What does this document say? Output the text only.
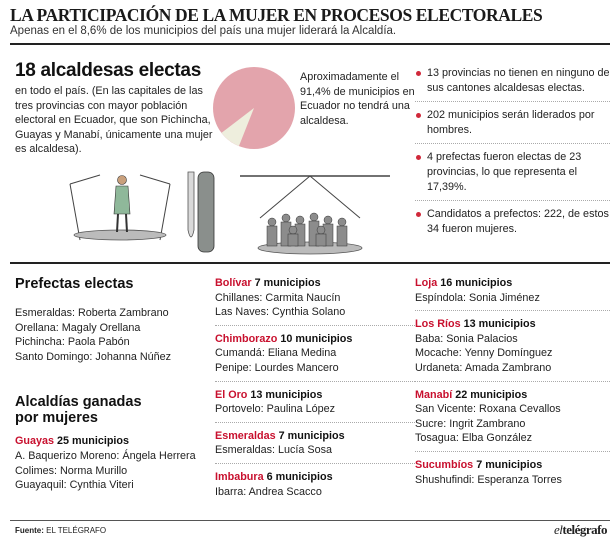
LA PARTICIPACIÓN DE LA MUJER EN PROCESOS ELECTORALES
Apenas en el 8,6% de los municipios del país una mujer liderará la Alcaldía.
18 alcaldesas electas
en todo el país. (En las capitales de las tres provincias con mayor población electoral en Ecuador, que son Pichincha, Guayas y Manabí, únicamente una mujer es alcaldesa).
Aproximadamente el 91,4% de municipios en Ecuador no tendrá una alcaldesa.
13 provincias no tienen en ninguno de sus cantones alcaldesas electas.
202 municipios serán liderados por hombres.
4 prefectas fueron electas de 23 provincias, lo que representa el 17,39%.
Candidatos a prefectos: 222, de estos 34 fueron mujeres.
Prefectas electas
Esmeraldas: Roberta Zambrano
Orellana: Magaly Orellana
Pichincha: Paola Pabón
Santo Domingo: Johanna Núñez
Alcaldías ganadas
por mujeres
Guayas 25 municipios
A. Baquerizo Moreno: Ángela Herrera
Colimes: Norma Murillo
Guayaquil: Cynthia Viteri
Bolívar 7 municipios
Chillanes: Carmita Naucín
Las Naves: Cynthia Solano
Chimborazo 10 municipios
Cumandá: Eliana Medina
Penipe: Lourdes Mancero
El Oro 13 municipios
Portovelo: Paulina López
Esmeraldas 7 municipios
Esmeraldas: Lucía Sosa
Imbabura 6 municipios
Ibarra: Andrea Scacco
Loja 16 municipios
Espíndola: Sonia Jiménez
Los Ríos 13 municipios
Baba: Sonia Palacios
Mocache: Yenny Domínguez
Urdaneta: Amada Zambrano
Manabí 22 municipios
San Vicente: Roxana Cevallos
Sucre: Ingrit Zambrano
Tosagua: Elba González
Sucumbíos 7 municipios
Shushufindi: Esperanza Torres
Fuente: EL TELÉGRAFO	eltelégrafo
